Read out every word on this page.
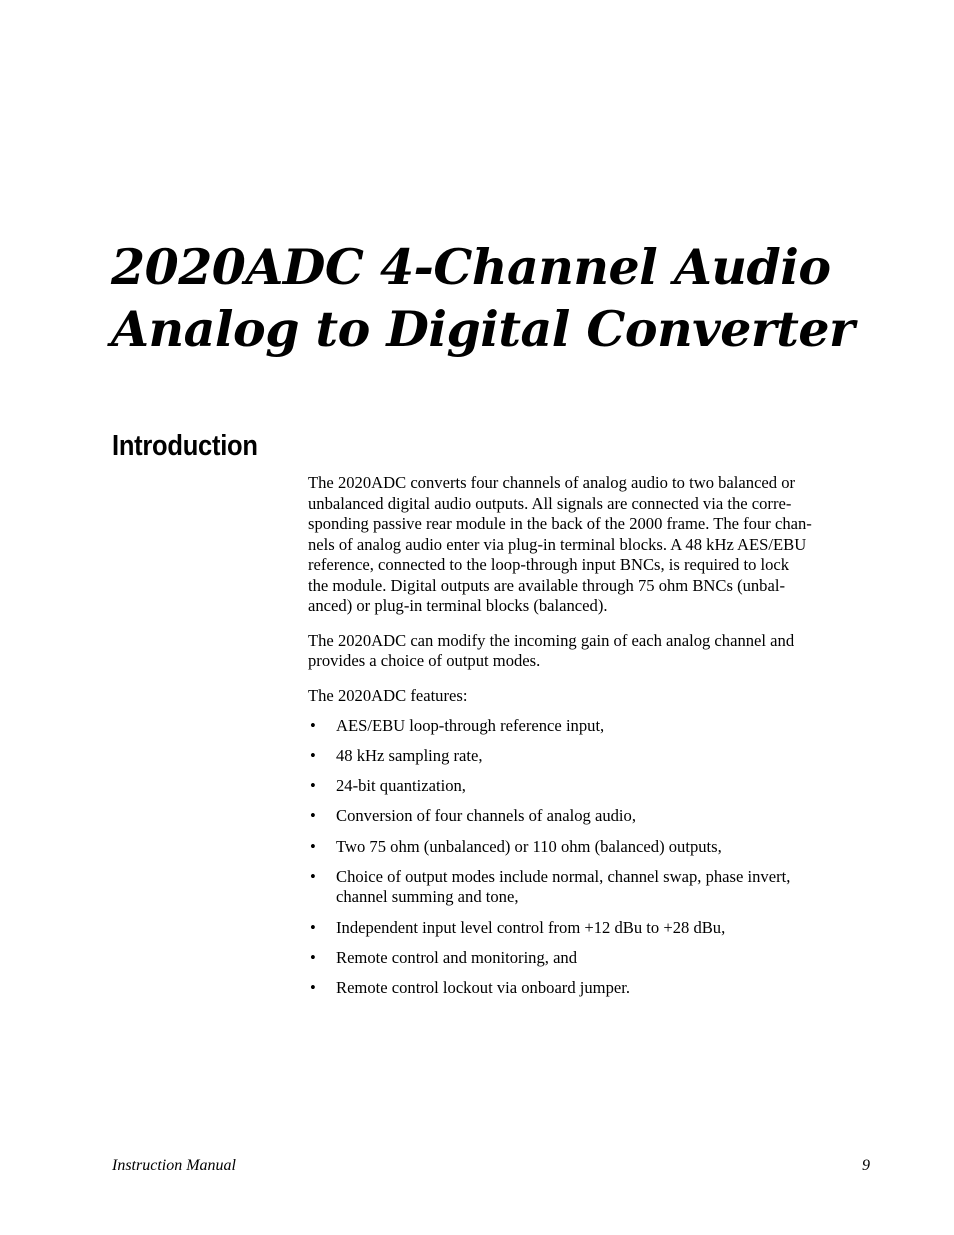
2020ADC 4-Channel Audio
Analog to Digital Converter
Introduction

The 2020ADC converts four channels of analog audio to two balanced or
unbalanced digital audio outputs. All signals are connected via the corre-
sponding passive rear module in the back of the 2000 frame. The four chan-
nels of analog audio enter via plug-in terminal blocks. A 48 kHz AES/EBU
reference, connected to the loop-through input BNCs, is required to lock
the module. Digital outputs are available through 75 ohm BNCs (unbal-
anced) or plug-in terminal blocks (balanced).

The 2020ADC can modify the incoming gain of each analog channel and
provides a choice of output modes.

The 2020ADC features:

• AES/EBU loop-through reference input,
• 48 kHz sampling rate,
• 24-bit quantization,
• Conversion of four channels of analog audio,
• Two 75 ohm (unbalanced) or 110 ohm (balanced) outputs,
• Choice of output modes include normal, channel swap, phase invert,
channel summing and tone,
• Independent input level control from +12 dBu to +28 dBu,
• Remote control and monitoring, and
• Remote control lockout via onboard jumper.
Instruction Manual	9
